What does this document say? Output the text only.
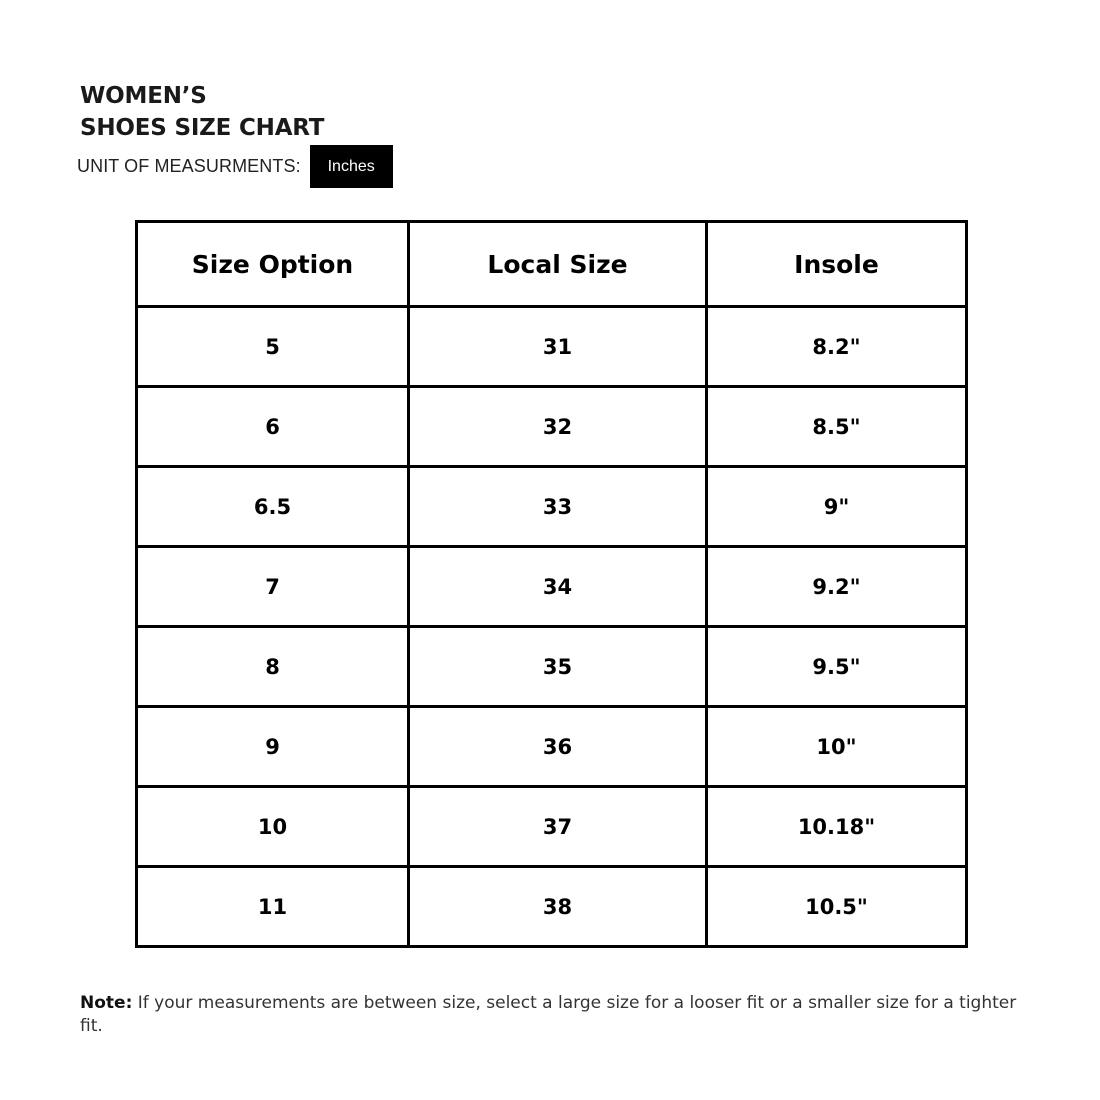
WOMEN’S
SHOES SIZE CHART
UNIT OF MEASURMENTS:	Inches
Size Option	Local Size	Insole
5	31	8.2"
6	32	8.5"
6.5	33	9"
7	34	9.2"
8	35	9.5"
9	36	10"
10	37	10.18"
11	38	10.5"

Note: If your measurements are between size, select a large size for a looser fit or a smaller size for a tighter fit.
